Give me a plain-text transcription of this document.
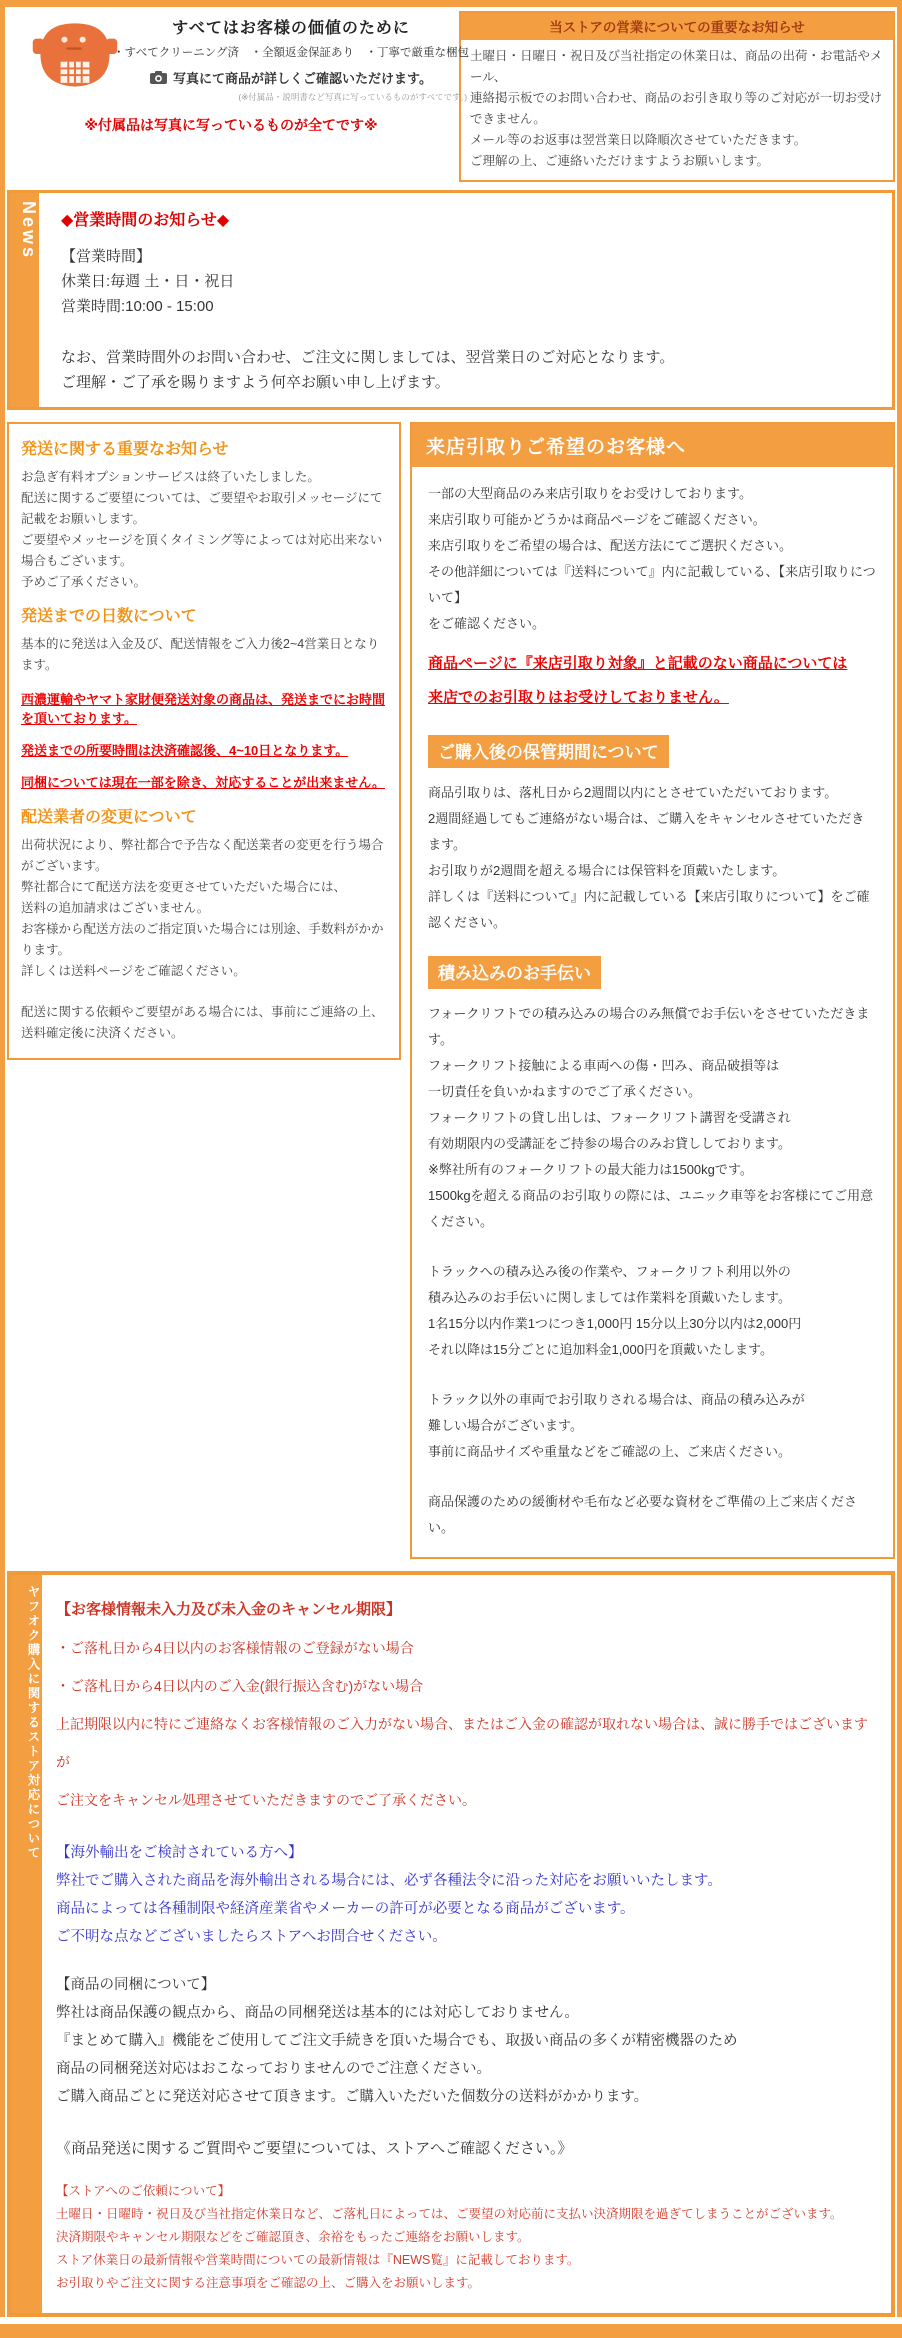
すべてはお客様の価値のために
・すべてクリーニング済　・全額返金保証あり　・丁寧で厳重な梱包
写真にて商品が詳しくご確認いただけます。
(※付属品・説明書など写真に写っているものがすべてです。)
※付属品は写真に写っているものが全てです※
当ストアの営業についての重要なお知らせ
土曜日・日曜日・祝日及び当社指定の休業日は、商品の出荷・お電話やメール、
連絡掲示板でのお問い合わせ、商品のお引き取り等のご対応が一切お受けできません。
メール等のお返事は翌営業日以降順次させていただきます。
ご理解の上、ご連絡いただけますようお願いします。
News ◆営業時間のお知らせ◆
【営業時間】
休業日:毎週 土・日・祝日
営業時間:10:00 - 15:00
なお、営業時間外のお問い合わせ、ご注文に関しましては、翌営業日のご対応となります。
ご理解・ご了承を賜りますよう何卒お願い申し上げます。
発送に関する重要なお知らせ
お急ぎ有料オプションサービスは終了いたしました。
配送に関するご要望については、ご要望やお取引メッセージにて記載をお願いします。
ご要望やメッセージを頂くタイミング等によっては対応出来ない場合もございます。
予めご了承ください。
発送までの日数について
基本的に発送は入金及び、配送情報をご入力後2~4営業日となります。
西濃運輸やヤマト家財便発送対象の商品は、発送までにお時間を頂いております。
発送までの所要時間は決済確認後、4~10日となります。
同梱については現在一部を除き、対応することが出来ません。
配送業者の変更について
出荷状況により、弊社都合で予告なく配送業者の変更を行う場合がございます。
弊社都合にて配送方法を変更させていただいた場合には、
送料の追加請求はございません。
お客様から配送方法のご指定頂いた場合には別途、手数料がかかります。
詳しくは送料ページをご確認ください。
配送に関する依頼やご要望がある場合には、事前にご連絡の上、
送料確定後に決済ください。
来店引取りご希望のお客様へ
一部の大型商品のみ来店引取りをお受けしております。
来店引取り可能かどうかは商品ページをご確認ください。
来店引取りをご希望の場合は、配送方法にてご選択ください。
その他詳細については『送料について』内に記載している、【来店引取りについて】
をご確認ください。
商品ページに『来店引取り対象』と記載のない商品については
来店でのお引取りはお受けしておりません。
ご購入後の保管期間について
商品引取りは、落札日から2週間以内にとさせていただいております。
2週間経過してもご連絡がない場合は、ご購入をキャンセルさせていただきます。
お引取りが2週間を超える場合には保管料を頂戴いたします。
詳しくは『送料について』内に記載している【来店引取りについて】をご確認ください。
積み込みのお手伝い
フォークリフトでの積み込みの場合のみ無償でお手伝いをさせていただきます。
フォークリフト接触による車両への傷・凹み、商品破損等は
一切責任を負いかねますのでご了承ください。
フォークリフトの貸し出しは、フォークリフト講習を受講され
有効期限内の受講証をご持参の場合のみお貸ししております。
※弊社所有のフォークリフトの最大能力は1500kgです。
1500kgを超える商品のお引取りの際には、ユニック車等をお客様にてご用意ください。
トラックへの積み込み後の作業や、フォークリフト利用以外の
積み込みのお手伝いに関しましては作業料を頂戴いたします。
1名15分以内作業1つにつき1,000円 15分以上30分以内は2,000円
それ以降は15分ごとに追加料金1,000円を頂戴いたします。
トラック以外の車両でお引取りされる場合は、商品の積み込みが
難しい場合がございます。
事前に商品サイズや重量などをご確認の上、ご来店ください。
商品保護のための緩衝材や毛布など必要な資材をご準備の上ご来店ください。
ヤフオク購入に関するストア対応について 【お客様情報未入力及び未入金のキャンセル期限】
・ご落札日から4日以内のお客様情報のご登録がない場合
・ご落札日から4日以内のご入金(銀行振込含む)がない場合
上記期限以内に特にご連絡なくお客様情報のご入力がない場合、またはご入金の確認が取れない場合は、誠に勝手ではございますが
ご注文をキャンセル処理させていただきますのでご了承ください。
【海外輸出をご検討されている方へ】
弊社でご購入された商品を海外輸出される場合には、必ず各種法令に沿った対応をお願いいたします。
商品によっては各種制限や経済産業省やメーカーの許可が必要となる商品がございます。
ご不明な点などございましたらストアへお問合せください。
【商品の同梱について】
弊社は商品保護の観点から、商品の同梱発送は基本的には対応しておりません。
『まとめて購入』機能をご使用してご注文手続きを頂いた場合でも、取扱い商品の多くが精密機器のため
商品の同梱発送対応はおこなっておりませんのでご注意ください。
ご購入商品ごとに発送対応させて頂きます。ご購入いただいた個数分の送料がかかります。
《商品発送に関するご質問やご要望については、ストアへご確認ください。》
【ストアへのご依頼について】
土曜日・日曜時・祝日及び当社指定休業日など、ご落札日によっては、ご要望の対応前に支払い決済期限を過ぎてしまうことがございます。
決済期限やキャンセル期限などをご確認頂き、余裕をもったご連絡をお願いします。
ストア休業日の最新情報や営業時間についての最新情報は『NEWS覧』に記載しております。
お引取りやご注文に関する注意事項をご確認の上、ご購入をお願いします。
